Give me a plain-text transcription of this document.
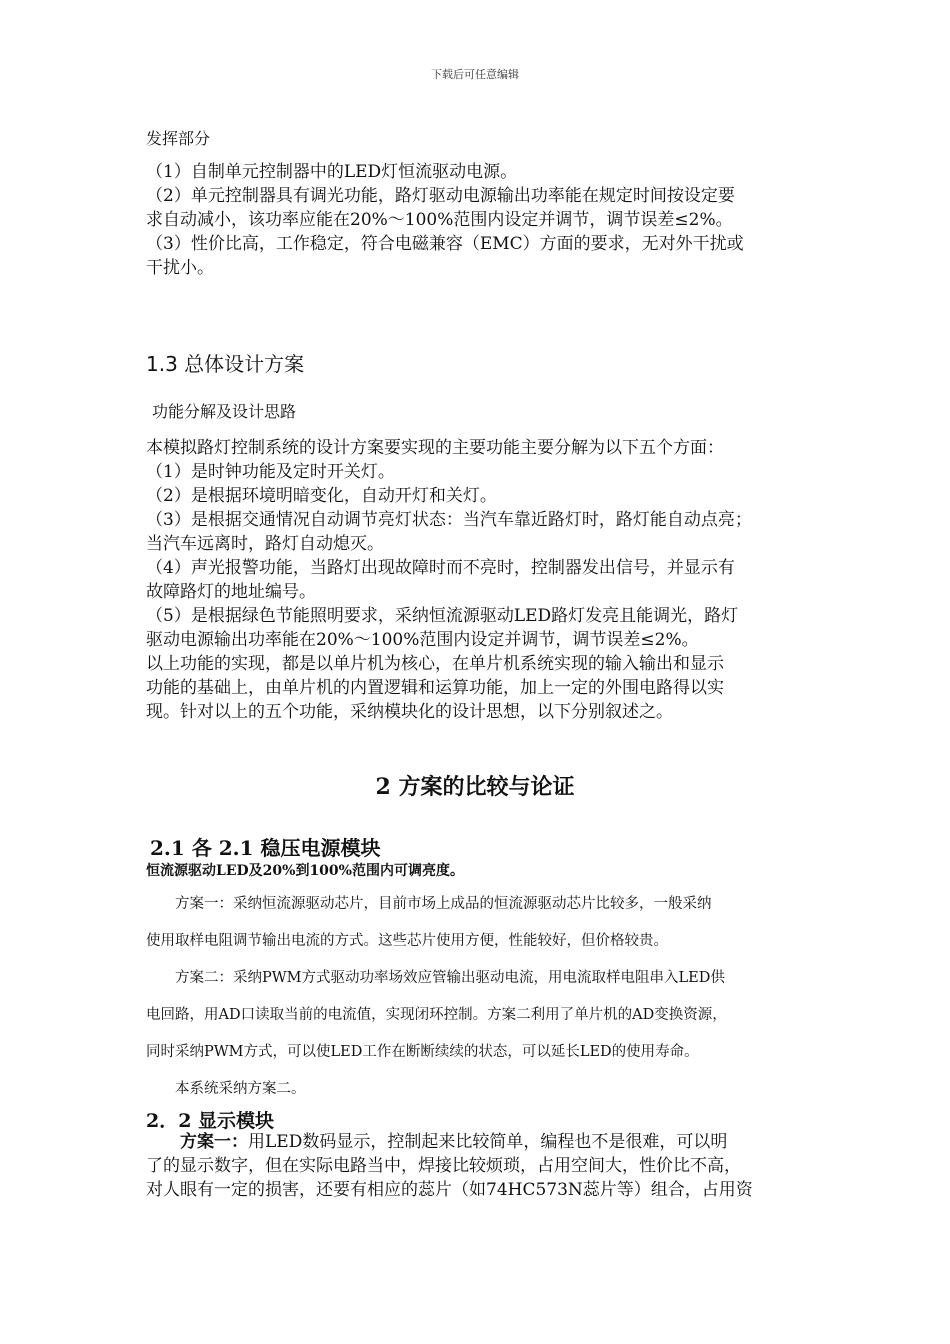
下载后可任意编辑
发挥部分

（1）自制单元控制器中的LED灯恒流驱动电源。

（2）单元控制器具有调光功能，路灯驱动电源输出功率能在规定时间按设定要

求自动减小，该功率应能在20%～100%范围内设定并调节，调节误差≤2%。

（3）性价比高，工作稳定，符合电磁兼容（EMC）方面的要求，无对外干扰或

干扰小。

1.3 总体设计方案
功能分解及设计思路

本模拟路灯控制系统的设计方案要实现的主要功能主要分解为以下五个方面：

（1）是时钟功能及定时开关灯。

（2）是根据环境明暗变化，自动开灯和关灯。

（3）是根据交通情况自动调节亮灯状态：当汽车靠近路灯时，路灯能自动点亮；

当汽车远离时，路灯自动熄灭。

（4）声光报警功能，当路灯出现故障时而不亮时，控制器发出信号，并显示有

故障路灯的地址编号。

（5）是根据绿色节能照明要求，采纳恒流源驱动LED路灯发亮且能调光，路灯

驱动电源输出功率能在20%～100%范围内设定并调节，调节误差≤2%。

以上功能的实现，都是以单片机为核心，在单片机系统实现的输入输出和显示

功能的基础上，由单片机的内置逻辑和运算功能，加上一定的外围电路得以实

现。针对以上的五个功能，采纳模块化的设计思想，以下分别叙述之。

2 方案的比较与论证
2.1 各 2.1 稳压电源模块
恒流源驱动LED及20%到100%范围内可调亮度。

　　方案一：采纳恒流源驱动芯片，目前市场上成品的恒流源驱动芯片比较多，一般采纳

使用取样电阻调节输出电流的方式。这些芯片使用方便，性能较好，但价格较贵。

　　方案二：采纳PWM方式驱动功率场效应管输出驱动电流，用电流取样电阻串入LED供

电回路，用AD口读取当前的电流值，实现闭环控制。方案二利用了单片机的AD变换资源，

同时采纳PWM方式，可以使LED工作在断断续续的状态，可以延长LED的使用寿命。

　　本系统采纳方案二。

2．2 显示模块

方案一：用LED数码显示，控制起来比较简单，编程也不是很难，可以明

了的显示数字，但在实际电路当中，焊接比较烦琐，占用空间大，性价比不高，

对人眼有一定的损害，还要有相应的蕊片（如74HC573N蕊片等）组合，占用资
